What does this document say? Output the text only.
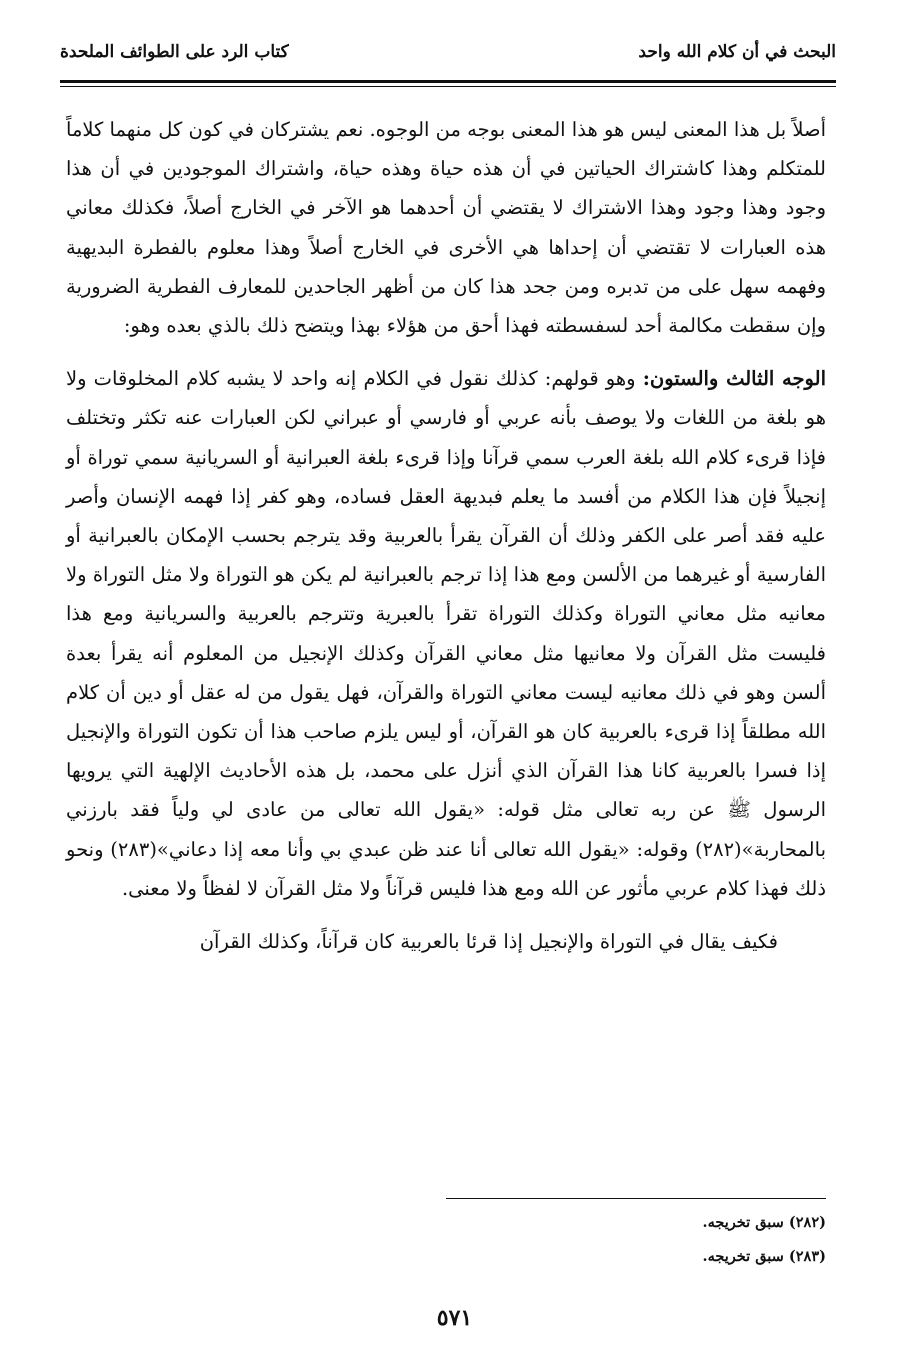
البحث في أن كلام الله واحد
كتاب الرد على الطوائف الملحدة

أصلاً بل هذا المعنى ليس هو هذا المعنى بوجه من الوجوه. نعم يشتركان في كون كل منهما كلاماً للمتكلم وهذا كاشتراك الحياتين في أن هذه حياة وهذه حياة، واشتراك الموجودين في أن هذا وجود وهذا وجود وهذا الاشتراك لا يقتضي أن أحدهما هو الآخر في الخارج أصلاً، فكذلك معاني هذه العبارات لا تقتضي أن إحداها هي الأخرى في الخارج أصلاً وهذا معلوم بالفطرة البديهية وفهمه سهل على من تدبره ومن جحد هذا كان من أظهر الجاحدين للمعارف الفطرية الضرورية وإن سقطت مكالمة أحد لسفسطته فهذا أحق من هؤلاء بهذا ويتضح ذلك بالذي بعده وهو:

الوجه الثالث والستون: وهو قولهم: كذلك نقول في الكلام إنه واحد لا يشبه كلام المخلوقات ولا هو بلغة من اللغات ولا يوصف بأنه عربي أو فارسي أو عبراني لكن العبارات عنه تكثر وتختلف فإذا قرىء كلام الله بلغة العرب سمي قرآنا وإذا قرىء بلغة العبرانية أو السريانية سمي توراة أو إنجيلاً فإن هذا الكلام من أفسد ما يعلم فبديهة العقل فساده، وهو كفر إذا فهمه الإنسان وأصر عليه فقد أصر على الكفر وذلك أن القرآن يقرأ بالعربية وقد يترجم بحسب الإمكان بالعبرانية أو الفارسية أو غيرهما من الألسن ومع هذا إذا ترجم بالعبرانية لم يكن هو التوراة ولا مثل التوراة ولا معانيه مثل معاني التوراة وكذلك التوراة تقرأ بالعبرية وتترجم بالعربية والسريانية ومع هذا فليست مثل القرآن ولا معانيها مثل معاني القرآن وكذلك الإنجيل من المعلوم أنه يقرأ بعدة ألسن وهو في ذلك معانيه ليست معاني التوراة والقرآن، فهل يقول من له عقل أو دين أن كلام الله مطلقاً إذا قرىء بالعربية كان هو القرآن، أو ليس يلزم صاحب هذا أن تكون التوراة والإنجيل إذا فسرا بالعربية كانا هذا القرآن الذي أنزل على محمد، بل هذه الأحاديث الإلهية التي يرويها الرسول ﷺ عن ربه تعالى مثل قوله: «يقول الله تعالى من عادى لي ولياً فقد بارزني بالمحاربة»(٢٨٢) وقوله: «يقول الله تعالى أنا عند ظن عبدي بي وأنا معه إذا دعاني»(٢٨٣) ونحو ذلك فهذا كلام عربي مأثور عن الله ومع هذا فليس قرآناً ولا مثل القرآن لا لفظاً ولا معنى.

فكيف يقال في التوراة والإنجيل إذا قرئا بالعربية كان قرآناً، وكذلك القرآن

(٢٨٢) سبق تخريجه.
(٢٨٣) سبق تخريجه.
٥٧١
